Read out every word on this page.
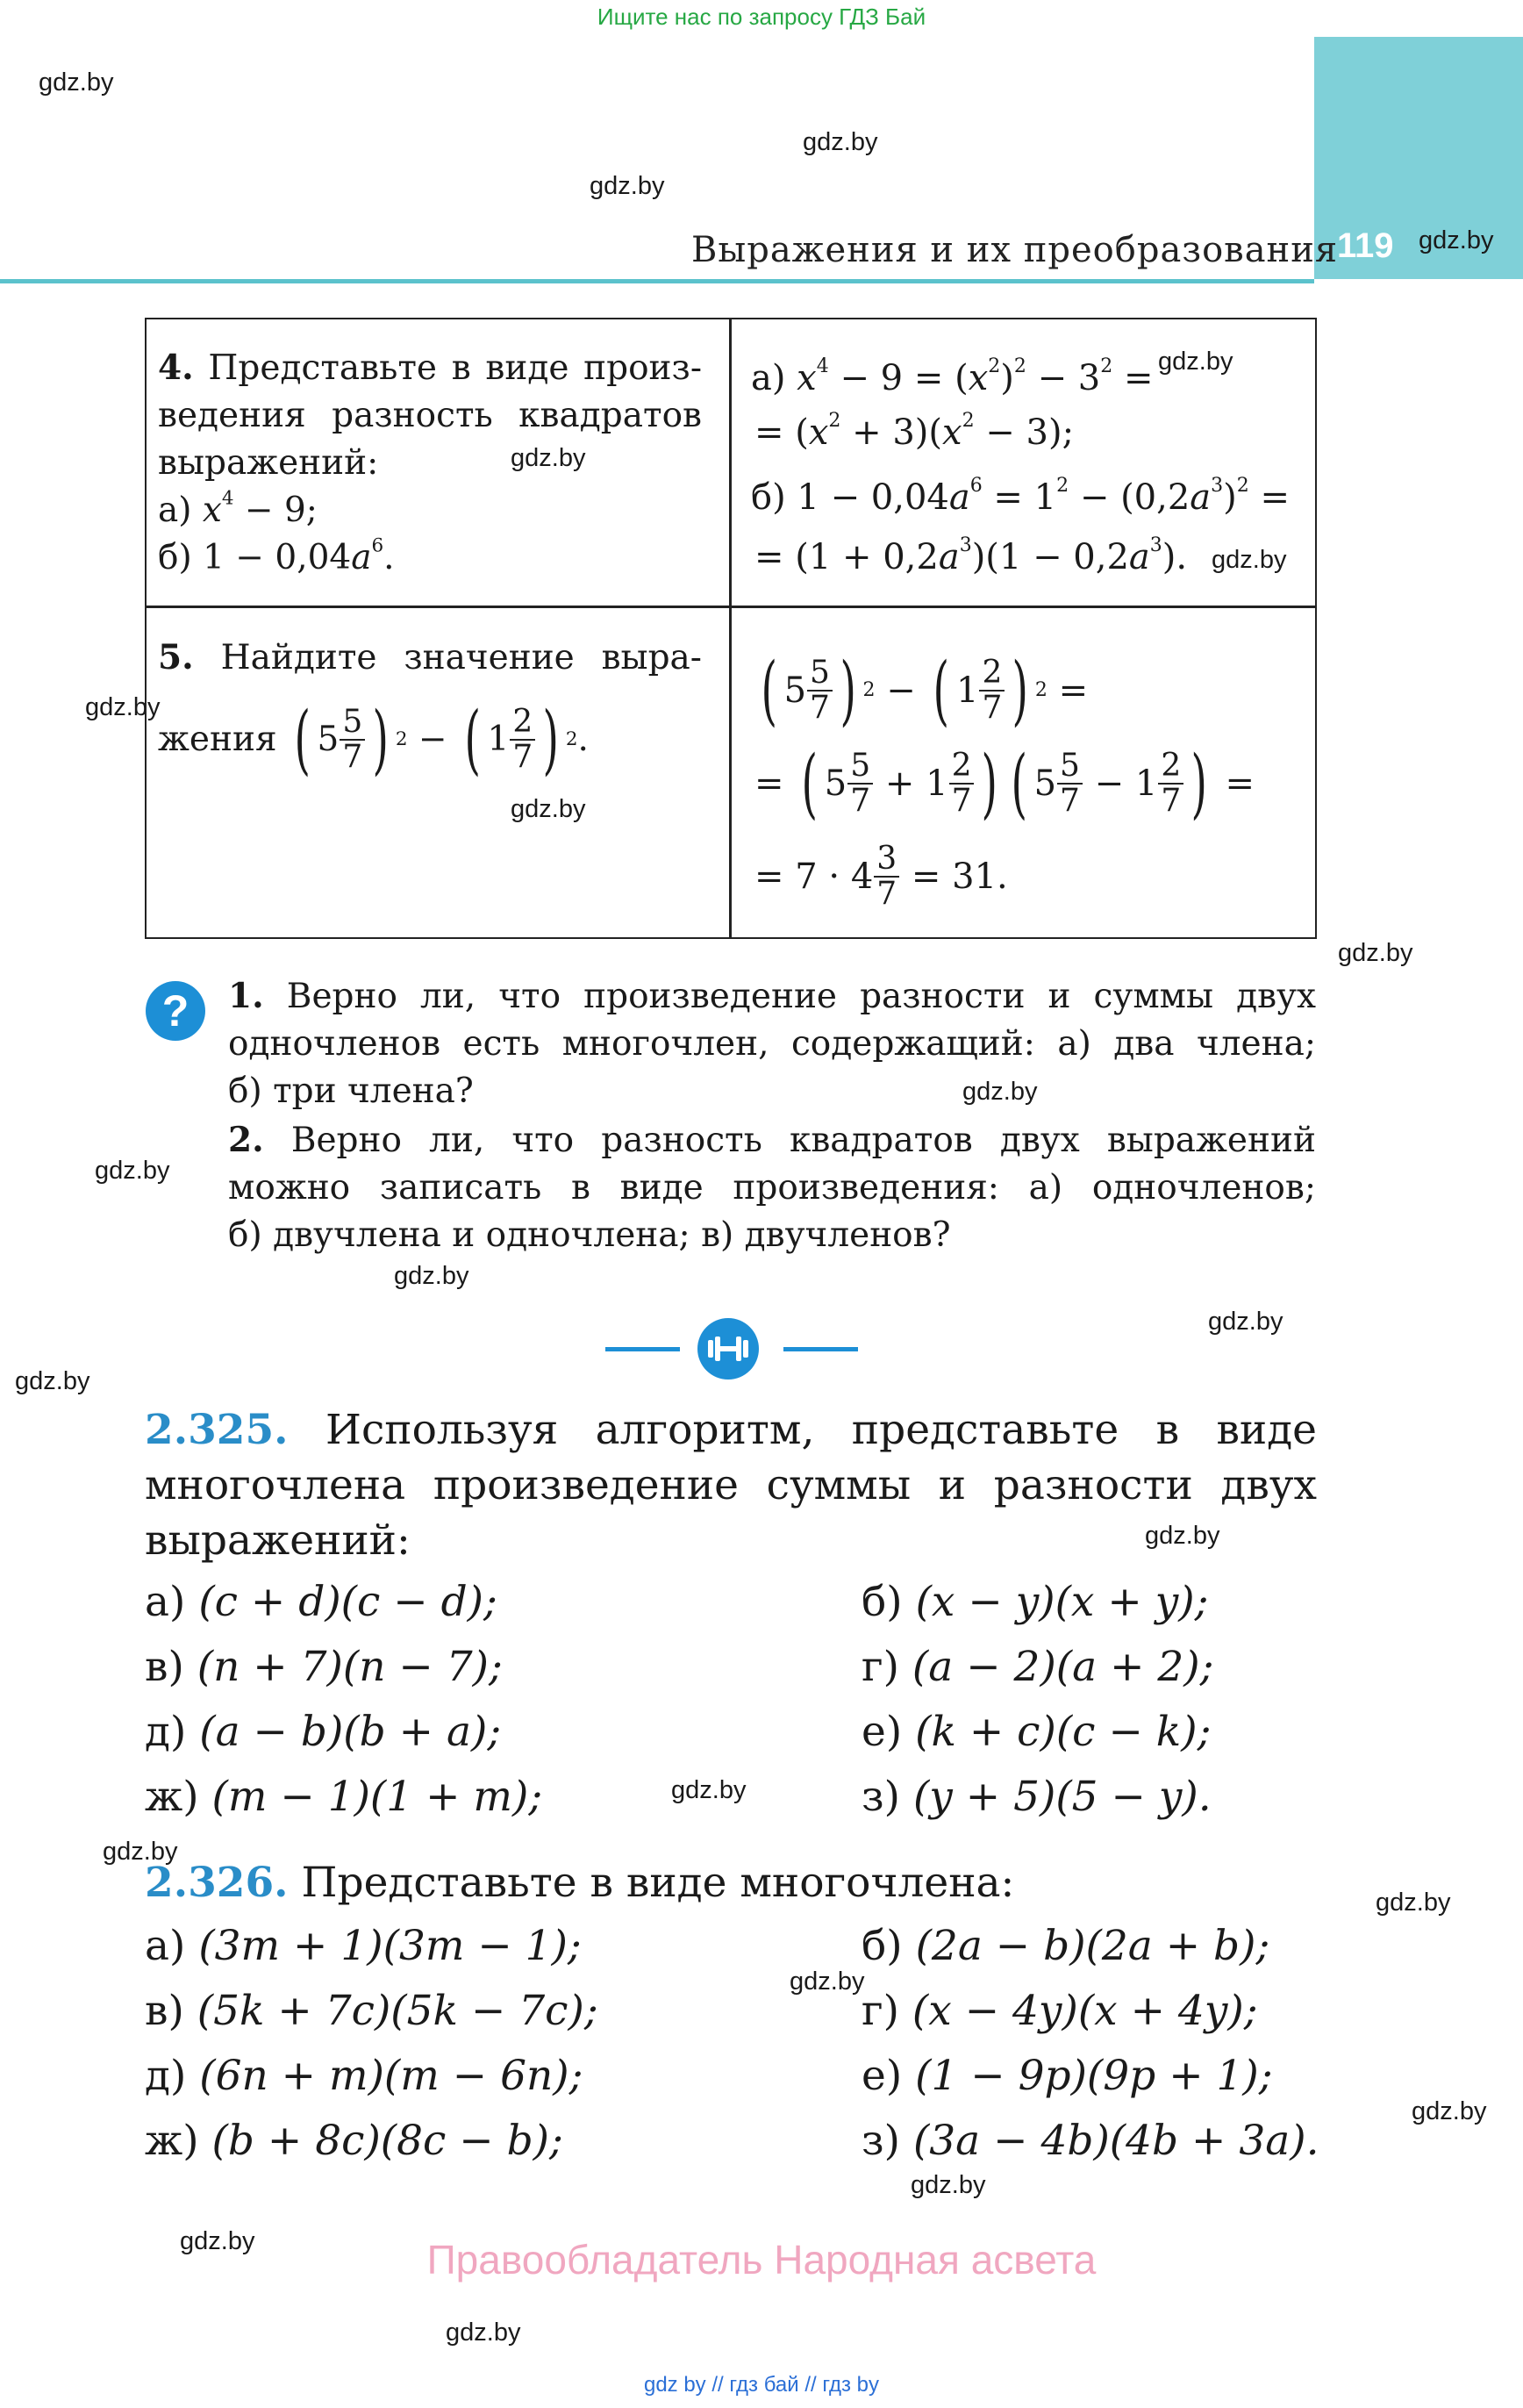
Ищите нас по запросу ГДЗ Бай
Выражения и их преобразования
119
gdz.by
gdz.by
gdz.by
gdz.by
gdz.by
gdz.by
gdz.by
gdz.by
gdz.by
gdz.by
gdz.by
gdz.by
gdz.by
gdz.by
gdz.by
gdz.by
gdz.by
gdz.by
gdz.by
gdz.by
gdz.by
gdz.by
gdz.by
gdz.by
4. Представьте в виде произ-
ведения разность квадратов
выражений:
а) $x^4 - 9$;
б) $1 - 0,04a^6$.
а) $x^4 - 9 = (x^2)^2 - 3^2$ =
= $(x^2 + 3)(x^2 - 3)$;
б) $1 - 0,04a^6 = 1^2 - (0,2a^3)^2$ =
= $(1 + 0,2a^3)(1 - 0,2a^3)$.
5. Найдите значение выра-
жения
( $5 \frac{5}{7}$ ) 2 − ( $1 \frac{2}{7}$ ) 2 .
( $5 \frac{5}{7}$ ) 2 − ( $1 \frac{2}{7}$ ) 2 =
= ( $5 \frac{5}{7} + 1 \frac{2}{7}$ ) ( $5 \frac{5}{7} - 1 \frac{2}{7}$ ) =
= $7 \cdot 4 \frac{3}{7} = 31$.
?	1. Верно ли, что произведение разности и суммы двух
одночленов есть многочлен, содержащий: а) два члена;
б) три члена?
2. Верно ли, что разность квадратов двух выражений
можно записать в виде произведения: а) одночленов;
б) двучлена и одночлена; в) двучленов?
2.325. Используя алгоритм, представьте в виде
многочлена произведение суммы и разности двух
выражений:
а) (c + d)(c − d);	б) (x − y)(x + y);
в) (n + 7)(n − 7);	г) (a − 2)(a + 2);
д) (a − b)(b + a);	е) (k + c)(c − k);
ж) (m − 1)(1 + m);	з) (y + 5)(5 − y).
2.326. Представьте в виде многочлена:
а) (3m + 1)(3m − 1);	б) (2a − b)(2a + b);
в) (5k + 7c)(5k − 7c);	г) (x − 4y)(x + 4y);
д) (6n + m)(m − 6n);	е) (1 − 9p)(9p + 1);
ж) (b + 8c)(8c − b);	з) (3a − 4b)(4b + 3a).
Правообладатель Народная асвета
gdz by // гдз бай // гдз by
